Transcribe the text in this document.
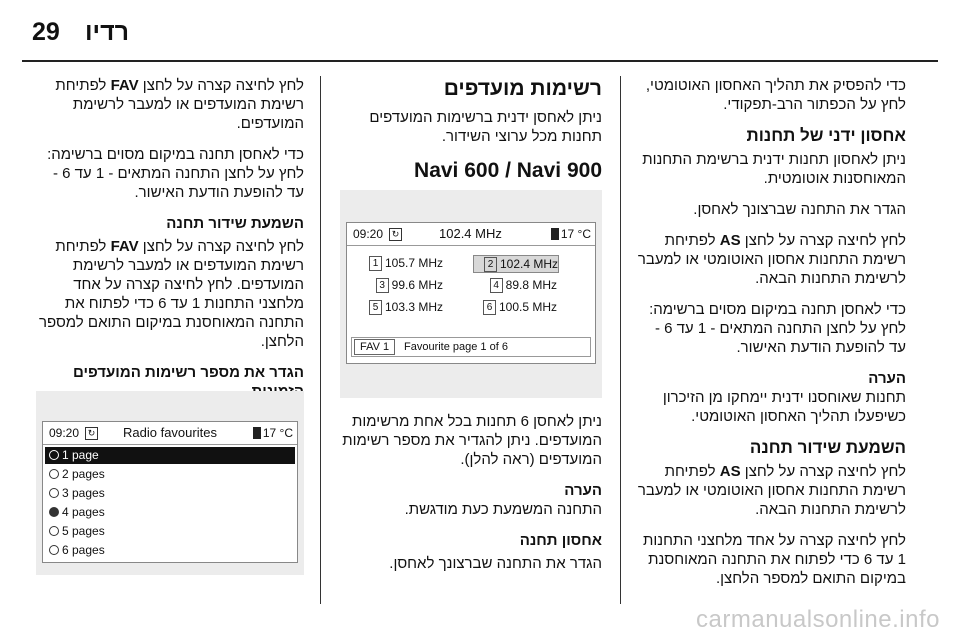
29 רדיו

כדי להפסיק את תהליך האחסון האוטומטי, לחץ על הכפתור הרב-תפקודי.

אחסון ידני של תחנות

ניתן לאחסון תחנות ידנית ברשימת התחנות המאוחסנות אוטומטית.

הגדר את התחנה שברצונך לאחסן.

לחץ לחיצה קצרה על לחצן AS לפתיחת רשימת התחנות אחסון האוטומטי או למעבר לרשימת התחנות הבאה.

כדי לאחסן תחנה במיקום מסוים ברשימה: לחץ על לחצן התחנה המתאים - 1 עד 6 - עד להופעת הודעת האישור.

הערה

תחנות שאוחסנו ידנית יימחקו מן הזיכרון כשיפעלו תהליך האחסון האוטומטי.

השמעת שידור תחנה

לחץ לחיצה קצרה על לחצן AS לפתיחת רשימת התחנות אחסון האוטומטי או למעבר לרשימת התחנות הבאה.

לחץ לחיצה קצרה על אחד מלחצני התחנות 1 עד 6 כדי לפתוח את התחנה המאוחסנת במיקום התואם למספר הלחצן.

רשימות מועדפים

ניתן לאחסן ידנית ברשימות המועדפים תחנות מכל ערוצי השידור.

Navi 600 / Navi 900
09:20 ↻	102.4 MHz	17 °C
1 105.7 MHz	2 102.4 MHz
3 99.6 MHz	4 89.8 MHz
5 103.3 MHz	6 100.5 MHz
FAV 1	Favourite page 1 of 6

ניתן לאחסן 6 תחנות בכל אחת מרשימות המועדפים. ניתן להגדיר את מספר רשימות המועדפים (ראה להלן).

הערה

התחנה המשמעת כעת מודגשת.

אחסון תחנה

הגדר את התחנה שברצונך לאחסן.

לחץ לחיצה קצרה על לחצן FAV לפתיחת רשימת המועדפים או למעבר לרשימת המועדפים.

כדי לאחסן תחנה במיקום מסוים ברשימה: לחץ על לחצן התחנה המתאים - 1 עד 6 - עד להופעת הודעת האישור.

השמעת שידור תחנה

לחץ לחיצה קצרה על לחצן FAV לפתיחת רשימת המועדפים או למעבר לרשימת המועדפים. לחץ לחיצה קצרה על אחד מלחצני התחנות 1 עד 6 כדי לפתוח את התחנה המאוחסנת במיקום התואם למספר הלחצן.

הגדר את מספר רשימות המועדפים
09:20 ↻ Radio favourites	17 °C
1 page
2 pages
3 pages
4 pages
5 pages
6 pages
carmanualsonline.info
